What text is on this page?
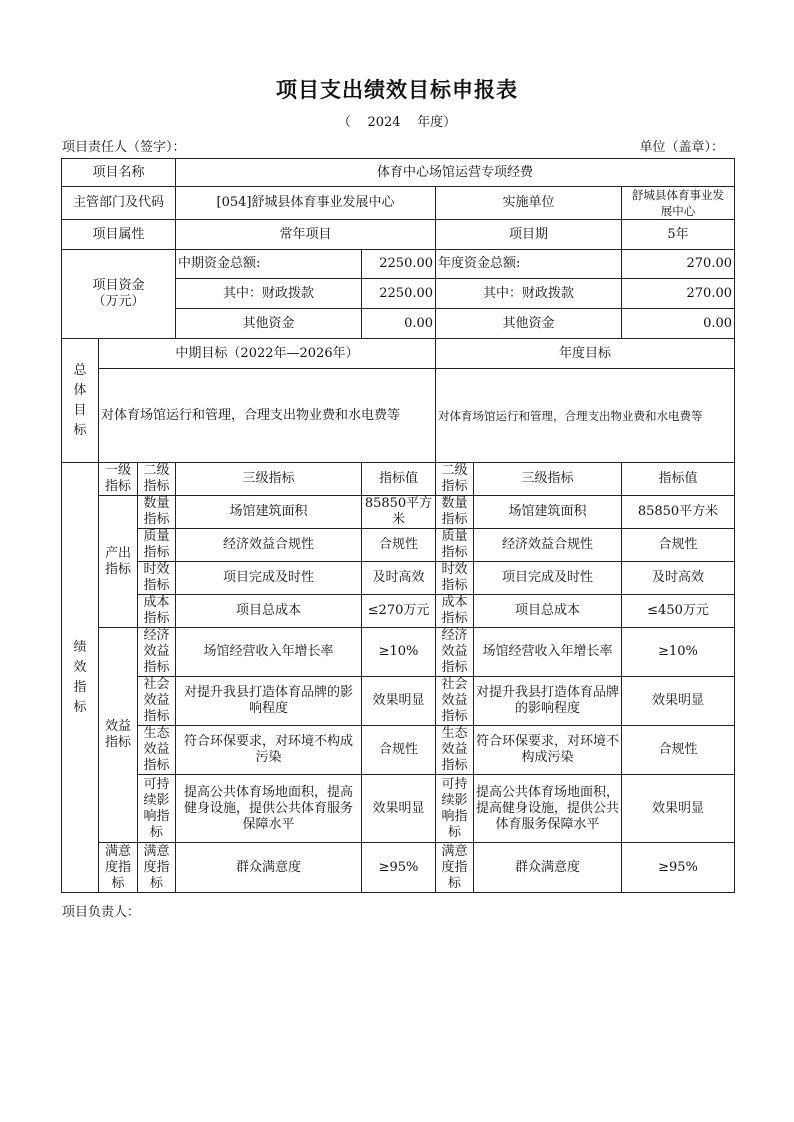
项目支出绩效目标申报表
（ 2024 年度）
项目责任人（签字）：	单位（盖章）：
项目名称			体育中心场馆运营专项经费				
主管部门及代码			[054]舒城县体育事业发展中心		实施单位		舒城县体育事业发展中心
项目属性			常年项目		项目期		5年
项目资金（万元）			中期资金总额:	2250.00	年度资金总额:		270.00
			其中：财政拨款	2250.00	其中：财政拨款		270.00
			其他资金	0.00	其他资金		0.00
总体目标	中期目标（2022年—2026年）				年度目标		
	对体育场馆运行和管理，合理支出物业费和水电费等				对体育场馆运行和管理，合理支出物业费和水电费等		
绩效指标	一级指标	二级指标	三级指标	指标值	二级指标	三级指标	指标值
	产出指标	数量指标	场馆建筑面积	85850平方米	数量指标	场馆建筑面积	85850平方米
		质量指标	经济效益合规性	合规性	质量指标	经济效益合规性	合规性
		时效指标	项目完成及时性	及时高效	时效指标	项目完成及时性	及时高效
		成本指标	项目总成本	≤270万元	成本指标	项目总成本	≤450万元
	效益指标	经济效益指标	场馆经营收入年增长率	≥10%	经济效益指标	场馆经营收入年增长率	≥10%
		社会效益指标	对提升我县打造体育品牌的影响程度	效果明显	社会效益指标	对提升我县打造体育品牌的影响程度	效果明显
		生态效益指标	符合环保要求，对环境不构成污染	合规性	生态效益指标	符合环保要求，对环境不构成污染	合规性
		可持续影响指标	提高公共体育场地面积，提高健身设施，提供公共体育服务保障水平	效果明显	可持续影响指标	提高公共体育场地面积，提高健身设施，提供公共体育服务保障水平	效果明显
	满意度指标	满意度指标	群众满意度	≥95%	满意度指标	群众满意度	≥95%
项目负责人：
